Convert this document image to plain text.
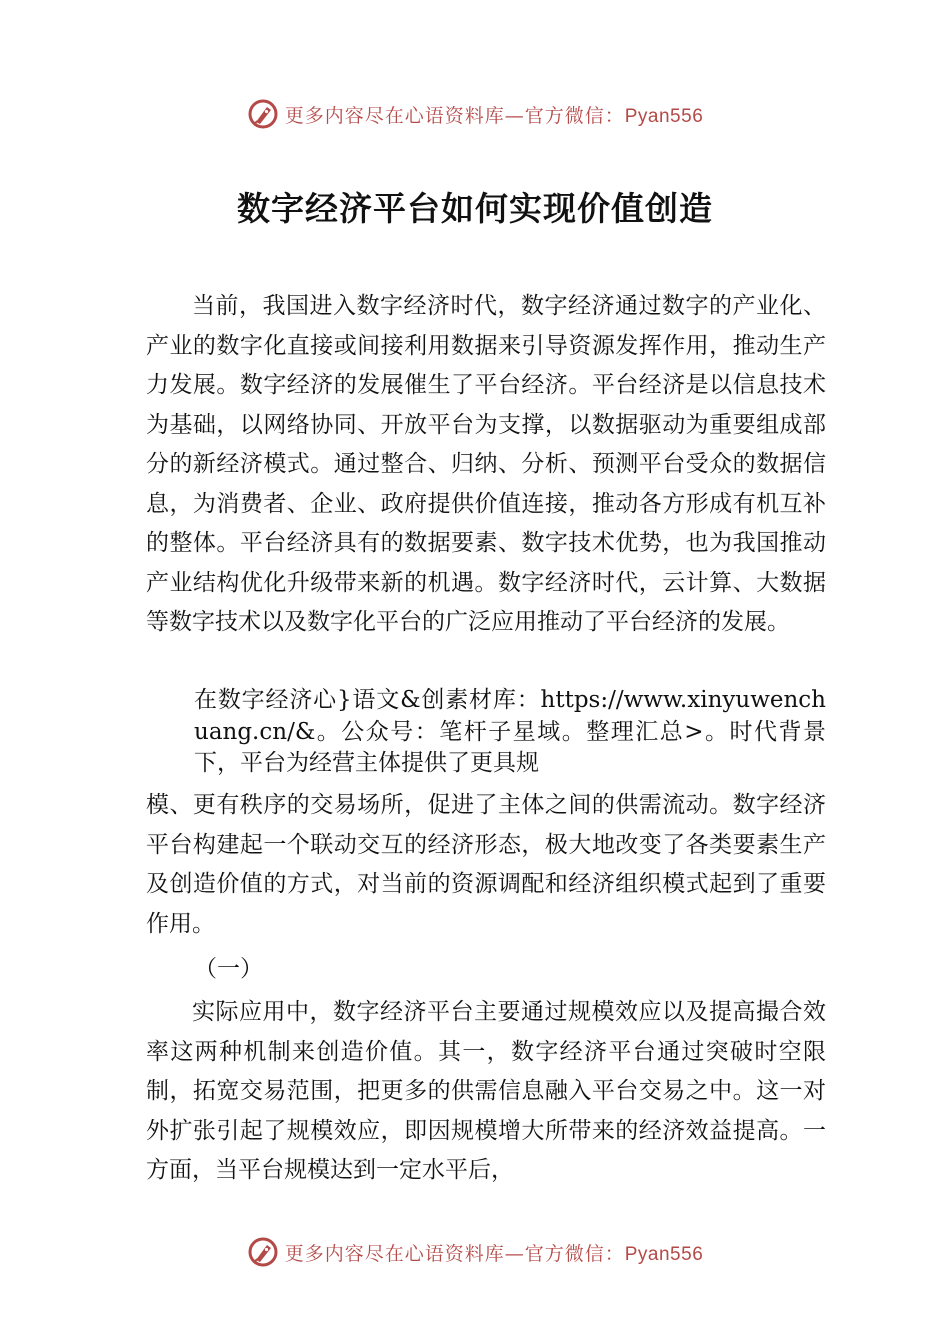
更多内容尽在心语资料库—官方微信：Pyan556
数字经济平台如何实现价值创造

当前，我国进入数字经济时代，数字经济通过数字的产业化、产业的数字化直接或间接利用数据来引导资源发挥作用，推动生产力发展。数字经济的发展催生了平台经济。平台经济是以信息技术为基础，以网络协同、开放平台为支撑，以数据驱动为重要组成部分的新经济模式。通过整合、归纳、分析、预测平台受众的数据信息，为消费者、企业、政府提供价值连接，推动各方形成有机互补的整体。平台经济具有的数据要素、数字技术优势，也为我国推动产业结构优化升级带来新的机遇。数字经济时代，云计算、大数据等数字技术以及数字化平台的广泛应用推动了平台经济的发展。

在数字经济心}语文&创素材库：https://www.xinyuwenchuang.cn/&。公众号：笔杆子星域。整理汇总>。时代背景下，平台为经营主体提供了更具规

模、更有秩序的交易场所，促进了主体之间的供需流动。数字经济平台构建起一个联动交互的经济形态，极大地改变了各类要素生产及创造价值的方式，对当前的资源调配和经济组织模式起到了重要作用。

（一）

实际应用中，数字经济平台主要通过规模效应以及提高撮合效率这两种机制来创造价值。其一，数字经济平台通过突破时空限制，拓宽交易范围，把更多的供需信息融入平台交易之中。这一对外扩张引起了规模效应，即因规模增大所带来的经济效益提高。一方面，当平台规模达到一定水平后，

更多内容尽在心语资料库—官方微信：Pyan556
